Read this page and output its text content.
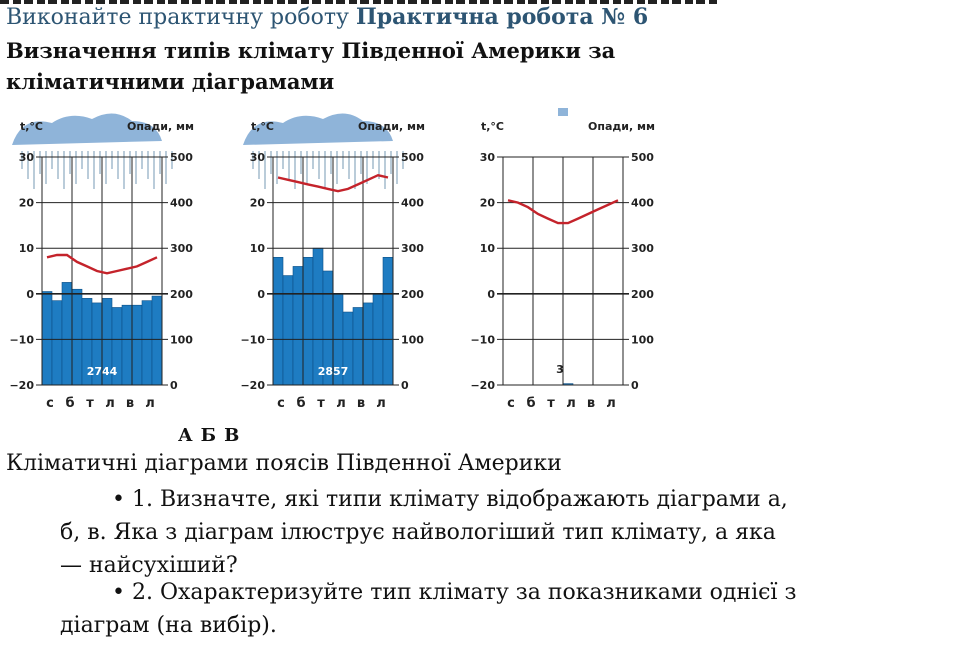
Виконайте практичну роботу Практична робота № 6
Визначення типів клімату Південної Америки за
кліматичними діаграмами
30	500
20	400
10	300
0	200
−10	100
−20	0
t,°С	Опади, мм
с б т л в л
2744
30	500
20	400
10	300
0	200
−10	100
−20	0
t,°С	Опади, мм
с б т л в л
2857
30	500
20	400
10	300
0	200
−10	100
−20	0
t,°С	Опади, мм
с б т л в л
3
А Б В
Кліматичні діаграми поясів Південної Америки
• 1. Визначте, які типи клімату відображають діаграми а,
б, в. Яка з діаграм ілюструє найвологіший тип клімату, а яка
— найсухіший?
• 2. Охарактеризуйте тип клімату за показниками однієї з
діаграм (на вибір).
